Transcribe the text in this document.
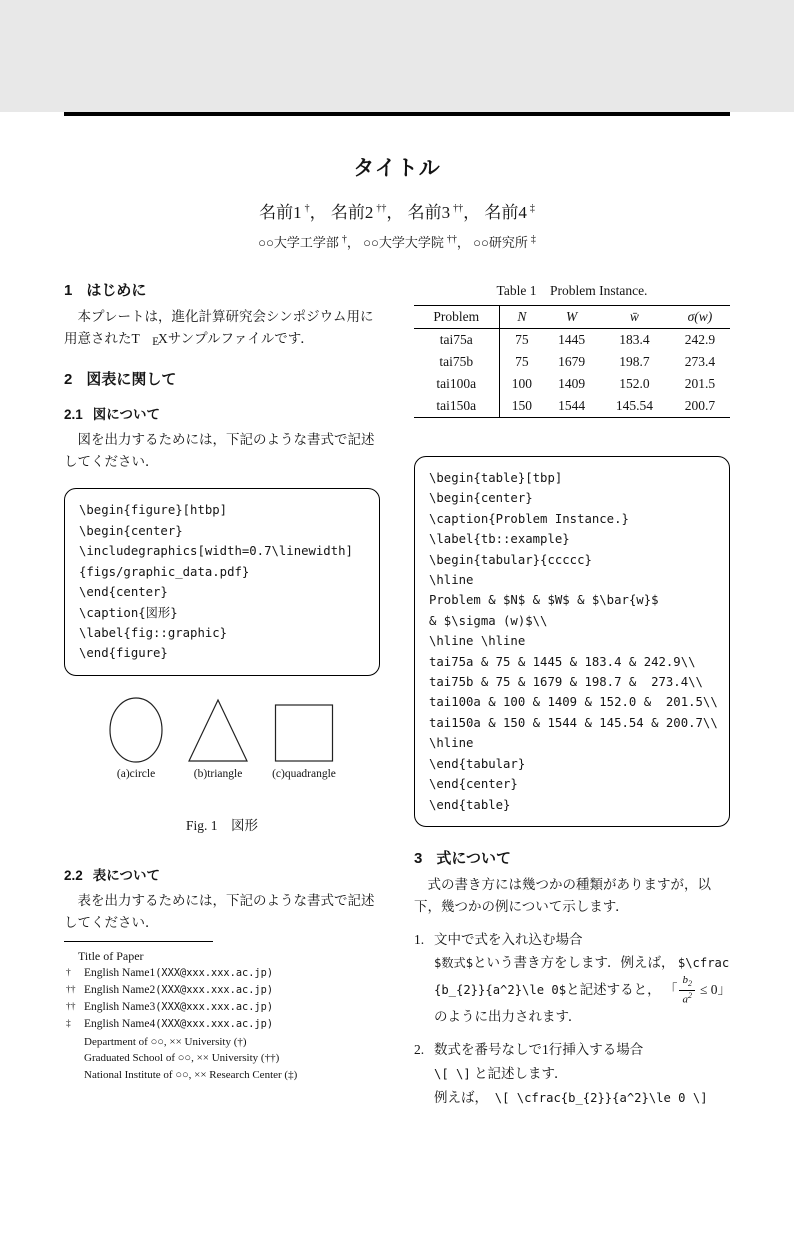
タイトル
名前1 †， 名前2 ††， 名前3 ††， 名前4 ‡
○○大学工学部 †， ○○大学大学院 ††， ○○研究所 ‡
1 はじめに

本プレートは，進化計算研究会シンポジウム用に用意されたT EXサンプルファイルです．

2 図表に関して
2.1 図について

図を出力するためには，下記のような書式で記述してください．

\begin{figure}[htbp]
\begin{center}
\includegraphics[width=0.7\linewidth]
{figs/graphic_data.pdf}
\end{center}
\caption{図形}
\label{fig::graphic}
\end{figure}
(a)circle	(b)triangle	(c)quadrangle
Fig. 1　図形
2.2 表について

表を出力するためには，下記のような書式で記述してください．

Title of Paper
†	English Name1(XXX@xxx.xxx.ac.jp)
†† English Name2(XXX@xxx.xxx.ac.jp)
†† English Name3(XXX@xxx.xxx.ac.jp)
‡	English Name4(XXX@xxx.xxx.ac.jp)
Department of ○○, ×× University (†)
Graduated School of ○○, ×× University (††)
National Institute of ○○, ×× Research Center (‡)
Table 1　Problem Instance.
Problem	N	W	w̄	σ(w)
tai75a	75	1445	183.4	242.9
tai75b	75	1679	198.7	273.4
tai100a	100	1409	152.0	201.5
tai150a	150	1544	145.54	200.7
\begin{table}[tbp]
\begin{center}
\caption{Problem Instance.}
\label{tb::example}
\begin{tabular}{ccccc}
\hline
Problem & $N$ & $W$ & $\bar{w}$
& $\sigma (w)$\\
\hline \hline
tai75a & 75 & 1445 & 183.4 & 242.9\\
tai75b & 75 & 1679 & 198.7 &  273.4\\
tai100a & 100 & 1409 & 152.0 &  201.5\\
tai150a & 150 & 1544 & 145.54 & 200.7\\
\hline
\end{tabular}
\end{center}
\end{table}
3 式について

式の書き方には幾つかの種類がありますが，以下，幾つかの例について示します．

1. 文中で式を入れ込む場合
$数式$という書き方をします．例えば， $\cfrac{b_{2}}{a^2}\le 0$と記述すると， 「 $\frac{b_2}{a^2} \le 0$」のように出力されます．
2. 数式を番号なしで1行挿入する場合
\[ \] と記述します．
例えば，　 \[ \cfrac{b_{2}}{a^2}\le 0 \]
